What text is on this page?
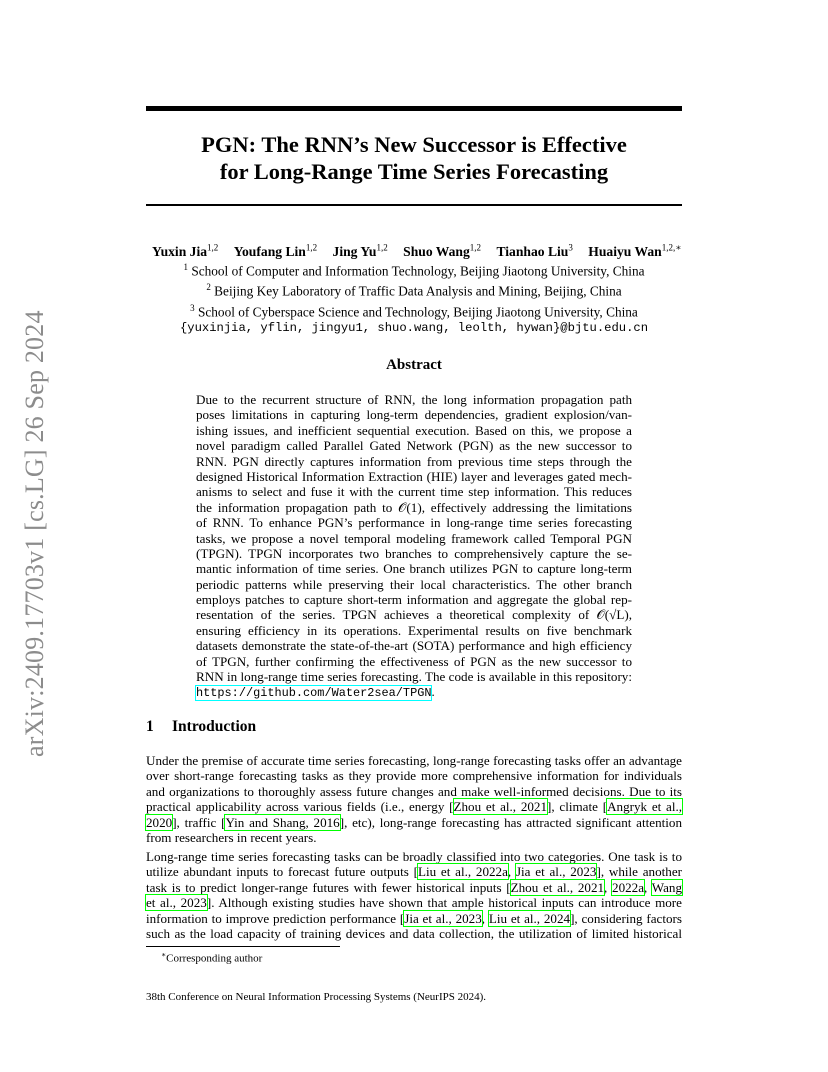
arXiv:2409.17703v1 [cs.LG] 26 Sep 2024
PGN: The RNN’s New Successor is Effective
for Long-Range Time Series Forecasting
Yuxin Jia$^{1,2}$ Youfang Lin$^{1,2}$ Jing Yu$^{1,2}$ Shuo Wang$^{1,2}$ Tianhao Liu$^3$ Huaiyu Wan$^{1,2,∗}$
$^1$ School of Computer and Information Technology, Beijing Jiaotong University, China
$^2$ Beijing Key Laboratory of Traffic Data Analysis and Mining, Beijing, China
$^3$ School of Cyberspace Science and Technology, Beijing Jiaotong University, China
{yuxinjia, yflin, jingyu1, shuo.wang, leolth, hywan}@bjtu.edu.cn
Abstract
Due to the recurrent structure of RNN, the long information propagation path
poses limitations in capturing long-term dependencies, gradient explosion/van-
ishing issues, and inefficient sequential execution. Based on this, we propose a
novel paradigm called Parallel Gated Network (PGN) as the new successor to
RNN. PGN directly captures information from previous time steps through the
designed Historical Information Extraction (HIE) layer and leverages gated mech-
anisms to select and fuse it with the current time step information. This reduces
the information propagation path to 𝒪(1), effectively addressing the limitations
of RNN. To enhance PGN’s performance in long-range time series forecasting
tasks, we propose a novel temporal modeling framework called Temporal PGN
(TPGN). TPGN incorporates two branches to comprehensively capture the se-
mantic information of time series. One branch utilizes PGN to capture long-term
periodic patterns while preserving their local characteristics. The other branch
employs patches to capture short-term information and aggregate the global rep-
resentation of the series. TPGN achieves a theoretical complexity of 𝒪(√L),
ensuring efficiency in its operations. Experimental results on five benchmark
datasets demonstrate the state-of-the-art (SOTA) performance and high efficiency
of TPGN, further confirming the effectiveness of PGN as the new successor to
RNN in long-range time series forecasting. The code is available in this repository:
https://github.com/Water2sea/TPGN.
1 Introduction
Under the premise of accurate time series forecasting, long-range forecasting tasks offer an advantage
over short-range forecasting tasks as they provide more comprehensive information for individuals
and organizations to thoroughly assess future changes and make well-informed decisions. Due to its
practical applicability across various fields (i.e., energy [Zhou et al., 2021], climate [Angryk et al.,
2020], traffic [Yin and Shang, 2016], etc), long-range forecasting has attracted significant attention
from researchers in recent years.
Long-range time series forecasting tasks can be broadly classified into two categories. One task is to
utilize abundant inputs to forecast future outputs [Liu et al., 2022a, Jia et al., 2023], while another
task is to predict longer-range futures with fewer historical inputs [Zhou et al., 2021, 2022a, Wang
et al., 2023]. Although existing studies have shown that ample historical inputs can introduce more
information to improve prediction performance [Jia et al., 2023, Liu et al., 2024], considering factors
such as the load capacity of training devices and data collection, the utilization of limited historical
∗Corresponding author
38th Conference on Neural Information Processing Systems (NeurIPS 2024).
